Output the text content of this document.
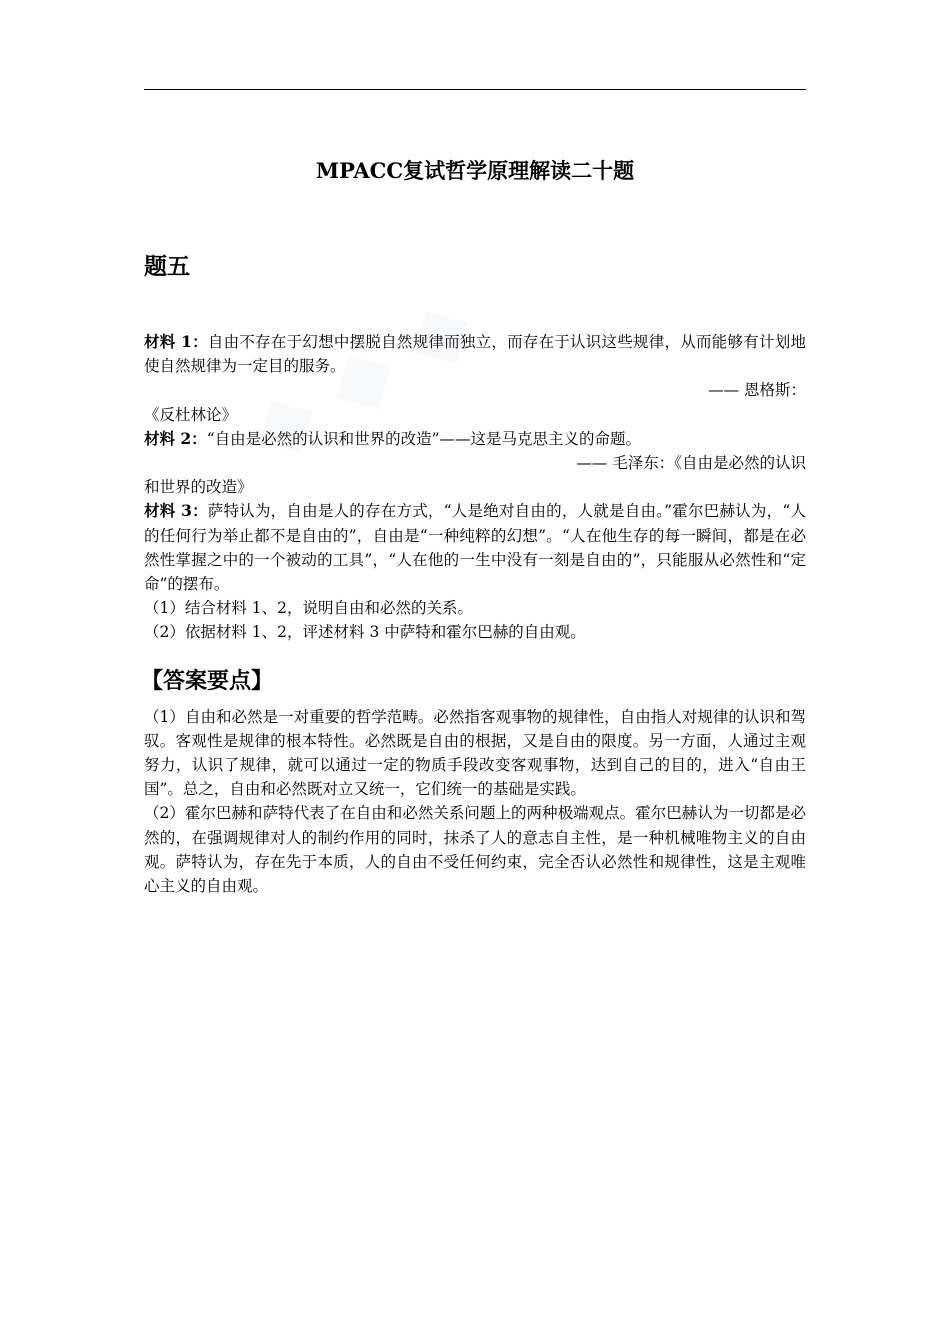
MPACC复试哲学原理解读二十题
题五

材料 1：自由不存在于幻想中摆脱自然规律而独立，而存在于认识这些规律，从而能够有计划地使自然规律为一定目的服务。

—— 恩格斯：

《反杜林论》

材料 2：“自由是必然的认识和世界的改造”——这是马克思主义的命题。

—— 毛泽东：《自由是必然的认识

和世界的改造》

材料 3：萨特认为，自由是人的存在方式，“人是绝对自由的，人就是自由。”霍尔巴赫认为，“人的任何行为举止都不是自由的”，自由是“一种纯粹的幻想”。“人在他生存的每一瞬间，都是在必然性掌握之中的一个被动的工具”，“人在他的一生中没有一刻是自由的”，只能服从必然性和“定命”的摆布。

（1）结合材料 1、2，说明自由和必然的关系。

（2）依据材料 1、2，评述材料 3 中萨特和霍尔巴赫的自由观。

【答案要点】

（1）自由和必然是一对重要的哲学范畴。必然指客观事物的规律性，自由指人对规律的认识和驾驭。客观性是规律的根本特性。必然既是自由的根据，又是自由的限度。另一方面，人通过主观努力，认识了规律，就可以通过一定的物质手段改变客观事物，达到自己的目的，进入“自由王国”。总之，自由和必然既对立又统一，它们统一的基础是实践。

（2）霍尔巴赫和萨特代表了在自由和必然关系问题上的两种极端观点。霍尔巴赫认为一切都是必然的，在强调规律对人的制约作用的同时，抹杀了人的意志自主性，是一种机械唯物主义的自由观。萨特认为，存在先于本质，人的自由不受任何约束，完全否认必然性和规律性，这是主观唯心主义的自由观。
